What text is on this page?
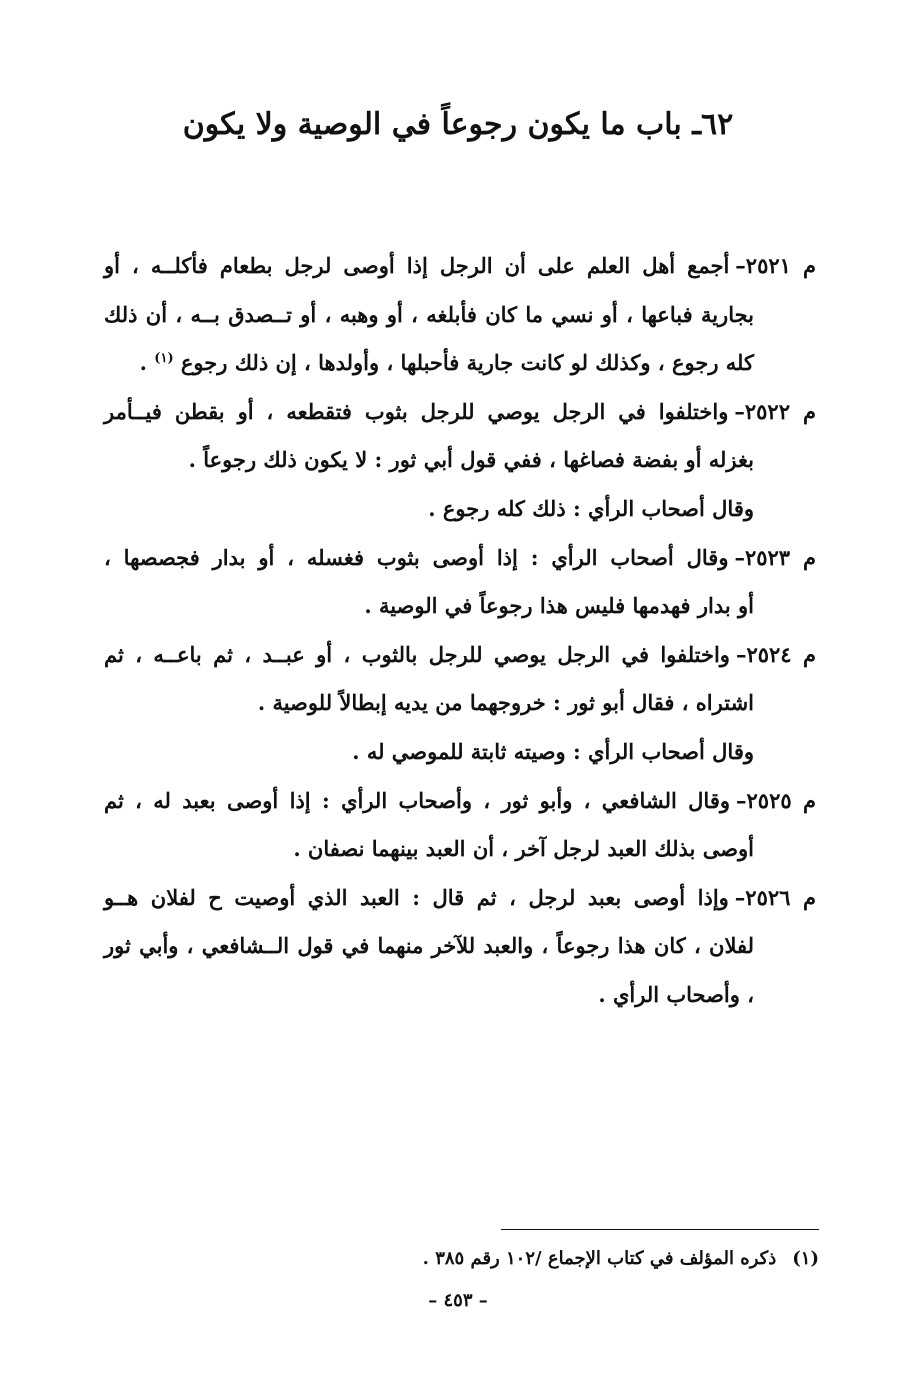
٦٢ـ باب ما يكون رجوعاً في الوصية ولا يكون
م ٢٥٢١–أجمع أهل العلم على أن الرجل إذا أوصى لرجل بطعام فأكلــه ، أو
بجارية فباعها ، أو نسي ما كان فأبلغه ، أو وهبه ، أو تــصدق بــه ، أن ذلك كله رجوع ، وكذلك لو كانت جارية فأحبلها ، وأولدها ، إن ذلك رجوع $^{(١)}$ .
م ٢٥٢٢–واختلفوا في الرجل يوصي للرجل بثوب فتقطعه ، أو بقطن فيــأمر
بغزله أو بفضة فصاغها ، ففي قول أبي ثور : لا يكون ذلك رجوعاً .
وقال أصحاب الرأي : ذلك كله رجوع .
م ٢٥٢٣–وقال أصحاب الرأي : إذا أوصى بثوب فغسله ، أو بدار فجصصها ،
أو بدار فهدمها فليس هذا رجوعاً في الوصية .
م ٢٥٢٤–واختلفوا في الرجل يوصي للرجل بالثوب ، أو عبــد ، ثم باعــه ، ثم
اشتراه ، فقال أبو ثور : خروجهما من يديه إبطالاً للوصية .
وقال أصحاب الرأي : وصيته ثابتة للموصي له .
م ٢٥٢٥–وقال الشافعي ، وأبو ثور ، وأصحاب الرأي : إذا أوصى بعبد له ، ثم
أوصى بذلك العبد لرجل آخر ، أن العبد بينهما نصفان .
م ٢٥٢٦–وإذا أوصى بعبد لرجل ، ثم قال : العبد الذي أوصيت ح لفلان هــو
لفلان ، كان هذا رجوعاً ، والعبد للآخر منهما في قول الــشافعي ، وأبي ثور ، وأصحاب الرأي .
(١)ذكره المؤلف في كتاب الإجماع /١٠٢ رقم ٣٨٥ .
– ٤٥٣ –
